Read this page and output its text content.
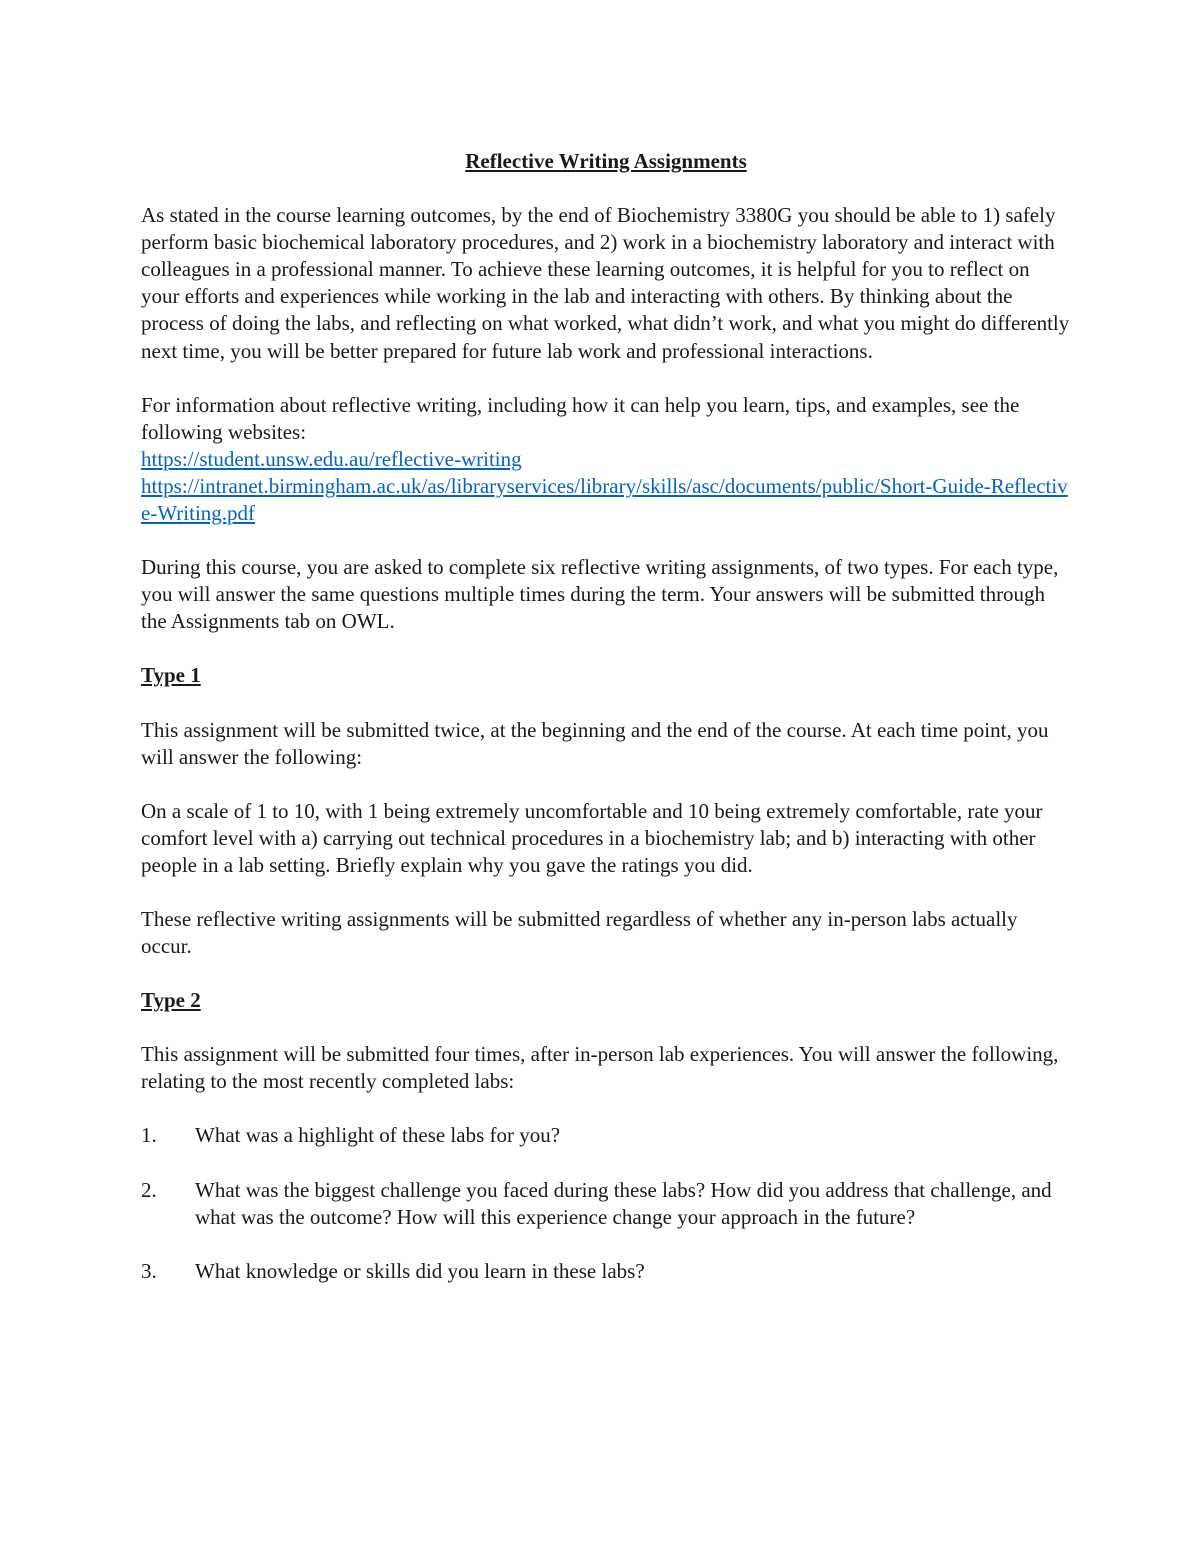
Reflective Writing Assignments

As stated in the course learning outcomes, by the end of Biochemistry 3380G you should be able to 1) safely perform basic biochemical laboratory procedures, and 2) work in a biochemistry laboratory and interact with colleagues in a professional manner. To achieve these learning outcomes, it is helpful for you to reflect on your efforts and experiences while working in the lab and interacting with others. By thinking about the process of doing the labs, and reflecting on what worked, what didn’t work, and what you might do differently next time, you will be better prepared for future lab work and professional interactions.

For information about reflective writing, including how it can help you learn, tips, and examples, see the following websites:
https://student.unsw.edu.au/reflective-writing
https://intranet.birmingham.ac.uk/as/libraryservices/library/skills/asc/documents/public/Short-Guide-Reflective-Writing.pdf

During this course, you are asked to complete six reflective writing assignments, of two types. For each type, you will answer the same questions multiple times during the term. Your answers will be submitted through the Assignments tab on OWL.

Type 1

This assignment will be submitted twice, at the beginning and the end of the course. At each time point, you will answer the following:

On a scale of 1 to 10, with 1 being extremely uncomfortable and 10 being extremely comfortable, rate your comfort level with a) carrying out technical procedures in a biochemistry lab; and b) interacting with other people in a lab setting. Briefly explain why you gave the ratings you did.

These reflective writing assignments will be submitted regardless of whether any in-person labs actually occur.

Type 2

This assignment will be submitted four times, after in-person lab experiences. You will answer the following, relating to the most recently completed labs:

1.	What was a highlight of these labs for you?
2.	What was the biggest challenge you faced during these labs? How did you address that challenge, and what was the outcome? How will this experience change your approach in the future?
3.	What knowledge or skills did you learn in these labs?
